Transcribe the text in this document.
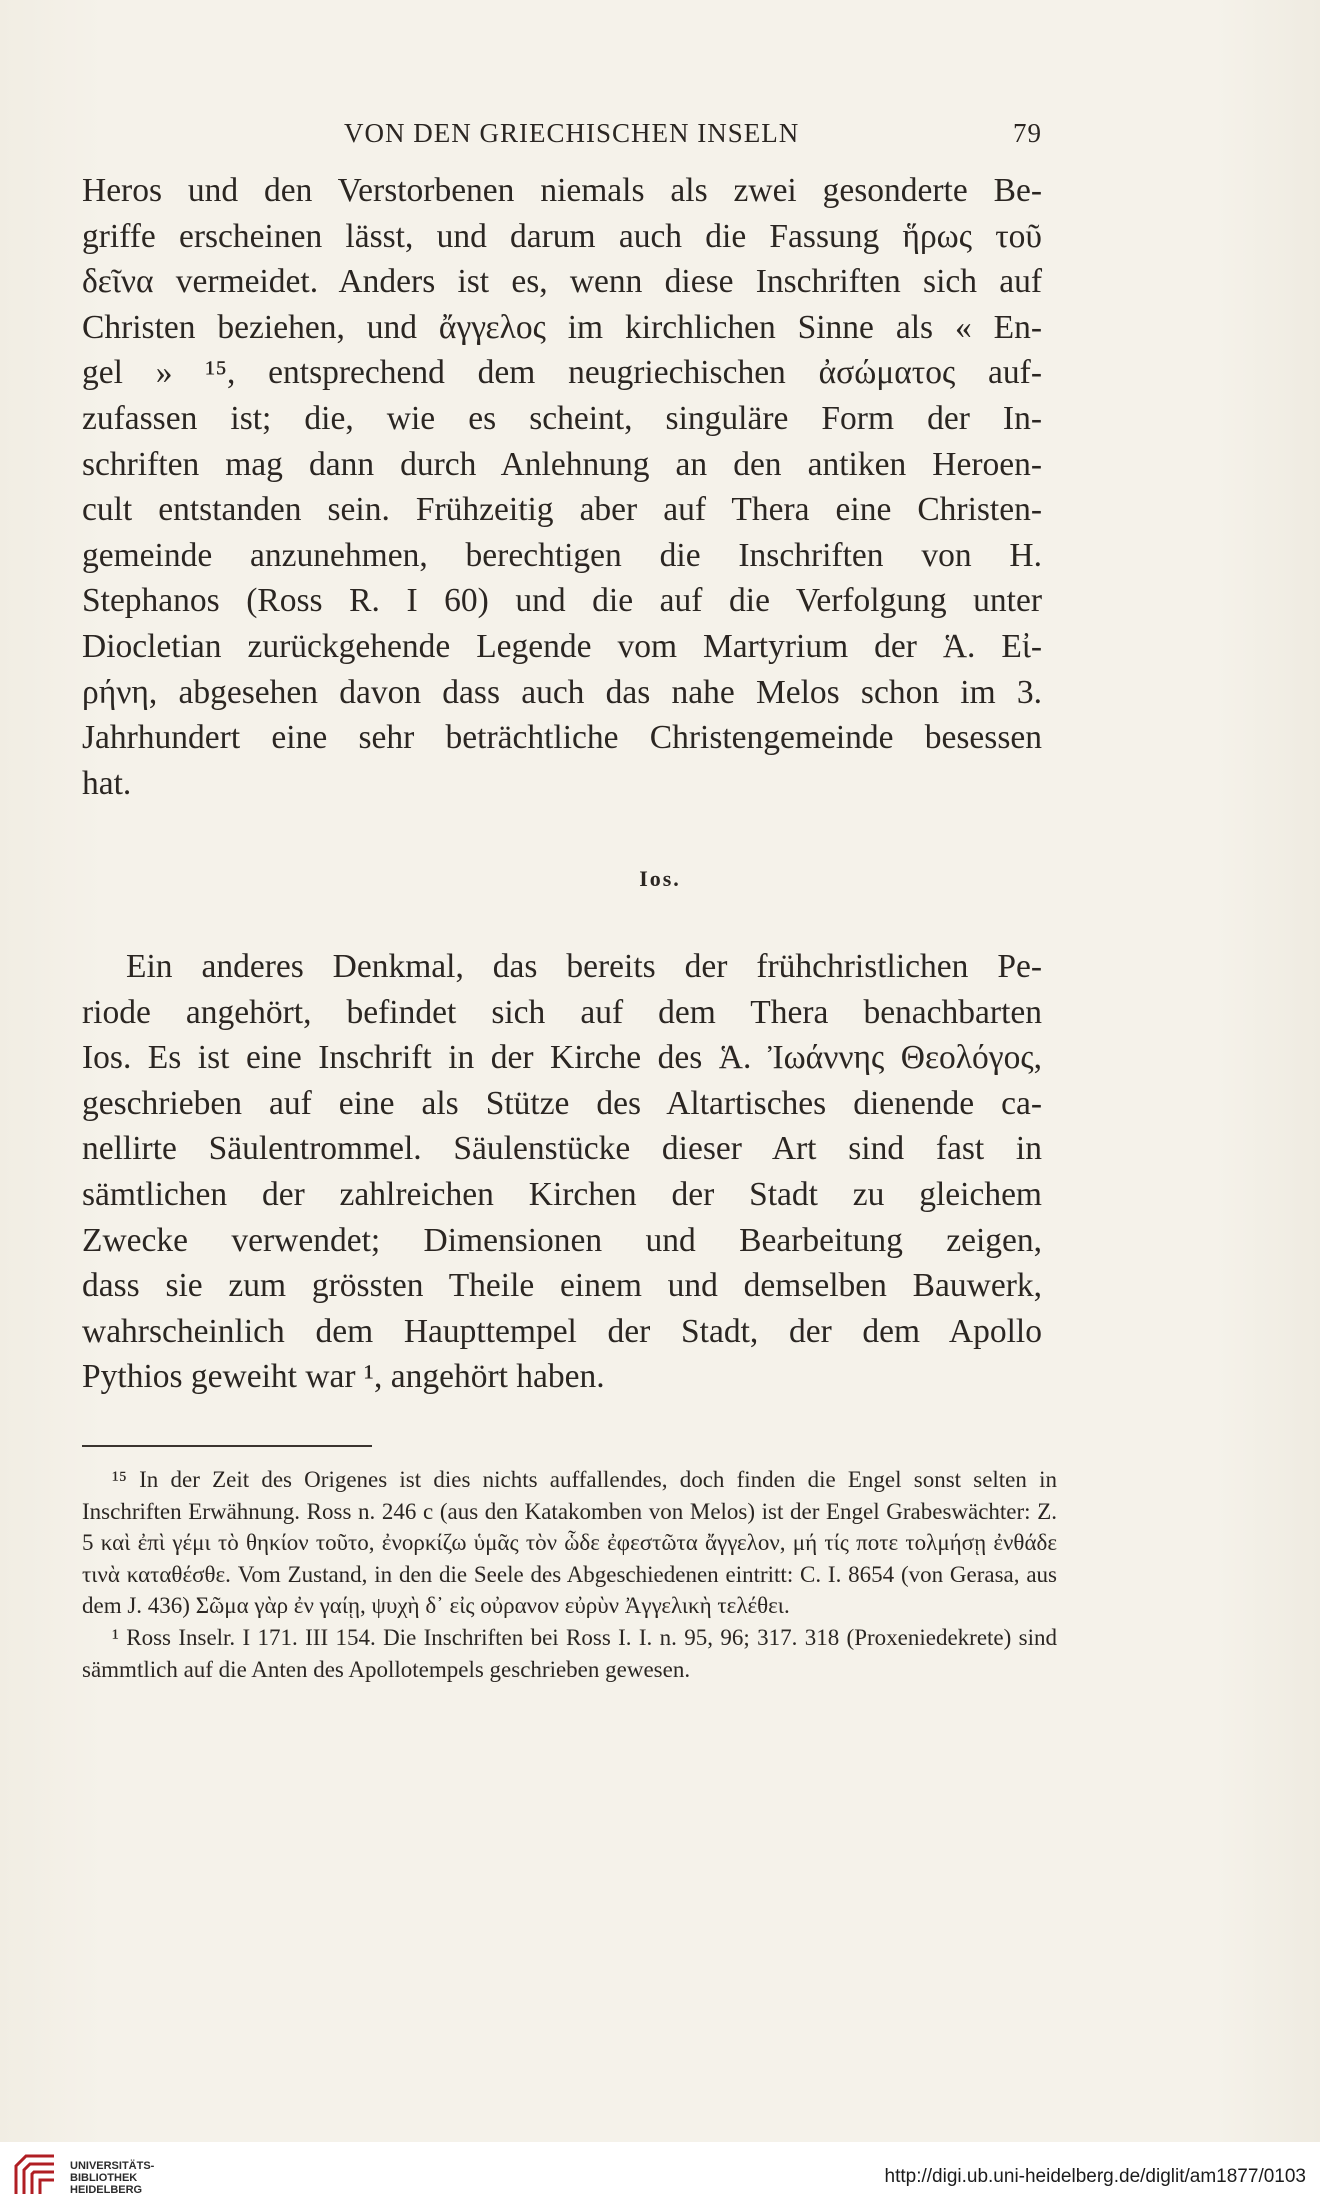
VON DEN GRIECHISCHEN INSELN	79
Heros und den Verstorbenen niemals als zwei gesonderte Be-
griffe erscheinen lässt, und darum auch die Fassung ἥρως τοῦ
δεῖνα vermeidet. Anders ist es, wenn diese Inschriften sich auf
Christen beziehen, und ἄγγελος im kirchlichen Sinne als « En-
gel » ¹⁵, entsprechend dem neugriechischen ἀσώματος auf-
zufassen ist; die, wie es scheint, singuläre Form der In-
schriften mag dann durch Anlehnung an den antiken Heroen-
cult entstanden sein. Frühzeitig aber auf Thera eine Christen-
gemeinde anzunehmen, berechtigen die Inschriften von H.
Stephanos (Ross R. I 60) und die auf die Verfolgung unter
Diocletian zurückgehende Legende vom Martyrium der Ἁ. Εἰ-
ρήνη, abgesehen davon dass auch das nahe Melos schon im 3.
Jahrhundert eine sehr beträchtliche Christengemeinde besessen
hat.
Ios.
Ein anderes Denkmal, das bereits der frühchristlichen Pe-
riode angehört, befindet sich auf dem Thera benachbarten
Ios. Es ist eine Inschrift in der Kirche des Ἁ. Ἰωάννης Θεολόγος,
geschrieben auf eine als Stütze des Altartisches dienende ca-
nellirte Säulentrommel. Säulenstücke dieser Art sind fast in
sämtlichen der zahlreichen Kirchen der Stadt zu gleichem
Zwecke verwendet; Dimensionen und Bearbeitung zeigen,
dass sie zum grössten Theile einem und demselben Bauwerk,
wahrscheinlich dem Haupttempel der Stadt, der dem Apollo
Pythios geweiht war ¹, angehört haben.

¹⁵ In der Zeit des Origenes ist dies nichts auffallendes, doch finden die Engel sonst selten in Inschriften Erwähnung. Ross n. 246 c (aus den Katakomben von Melos) ist der Engel Grabeswächter: Z. 5 καὶ ἐπὶ γέμι τὸ θηκίον τοῦτο, ἐνορκίζω ὑμᾶς τὸν ὧδε ἐφεστῶτα ἄγγελον, μή τίς ποτε τολμήσῃ ἐνθάδε τινὰ καταθέσθε. Vom Zustand, in den die Seele des Abgeschiedenen eintritt: C. I. 8654 (von Gerasa, aus dem J. 436) Σῶμα γὰρ ἐν γαίῃ, ψυχὴ δ᾽ εἰς οὐρανον εὐρὺν Ἀγγελικὴ τελέθει.

¹ Ross Inselr. I 171. III 154. Die Inschriften bei Ross I. I. n. 95, 96; 317. 318 (Proxeniedekrete) sind sämmtlich auf die Anten des Apollotempels geschrieben gewesen.

UNIVERSITÄTS-
BIBLIOTHEK
HEIDELBERG
http://digi.ub.uni-heidelberg.de/diglit/am1877/0103
